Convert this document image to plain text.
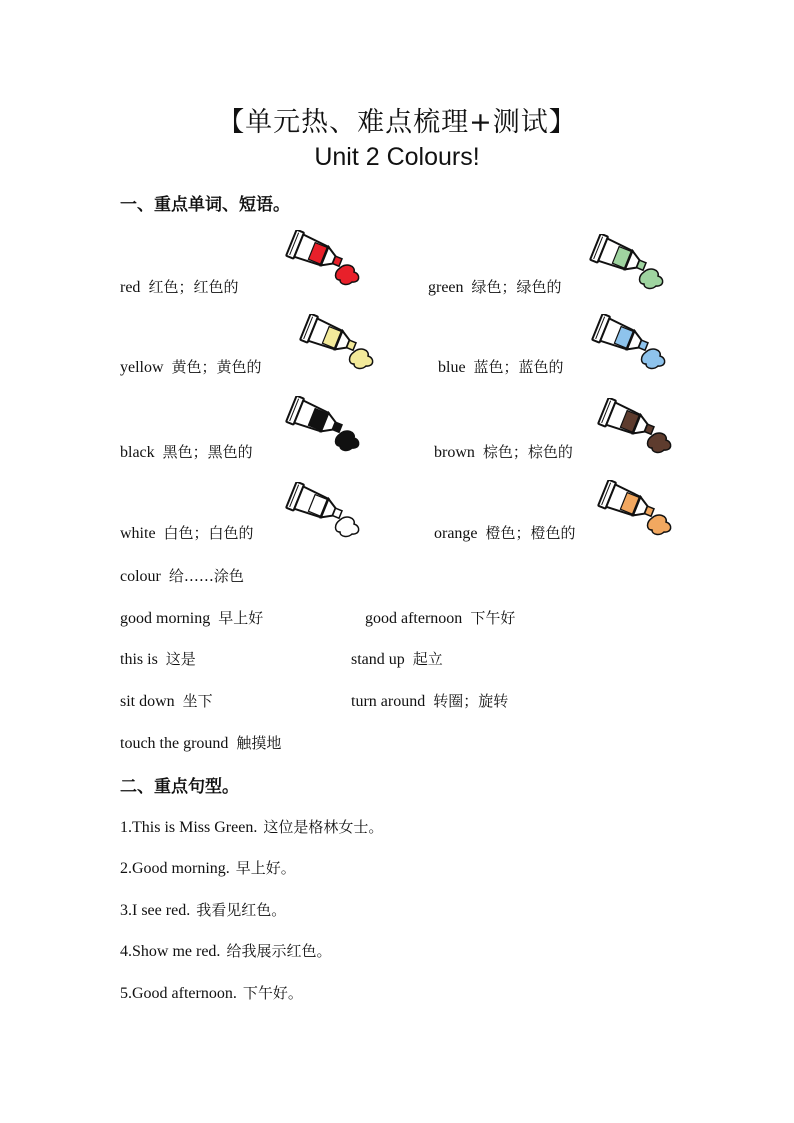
【单元热、难点梳理+测试】
Unit 2 Colours!
一、重点单词、短语。
red 红色；红色的	green 绿色；绿色的
yellow 黄色；黄色的	blue 蓝色；蓝色的
black 黑色；黑色的	brown 棕色；棕色的
white 白色；白色的	orange 橙色；橙色的
colour 给……涂色
good morning 早上好	good afternoon 下午好
this is 这是	stand up 起立
sit down 坐下	turn around 转圈；旋转
touch the ground 触摸地
二、重点句型。
1.This is Miss Green. 这位是格林女士。
2.Good morning. 早上好。
3.I see red. 我看见红色。
4.Show me red. 给我展示红色。
5.Good afternoon. 下午好。
